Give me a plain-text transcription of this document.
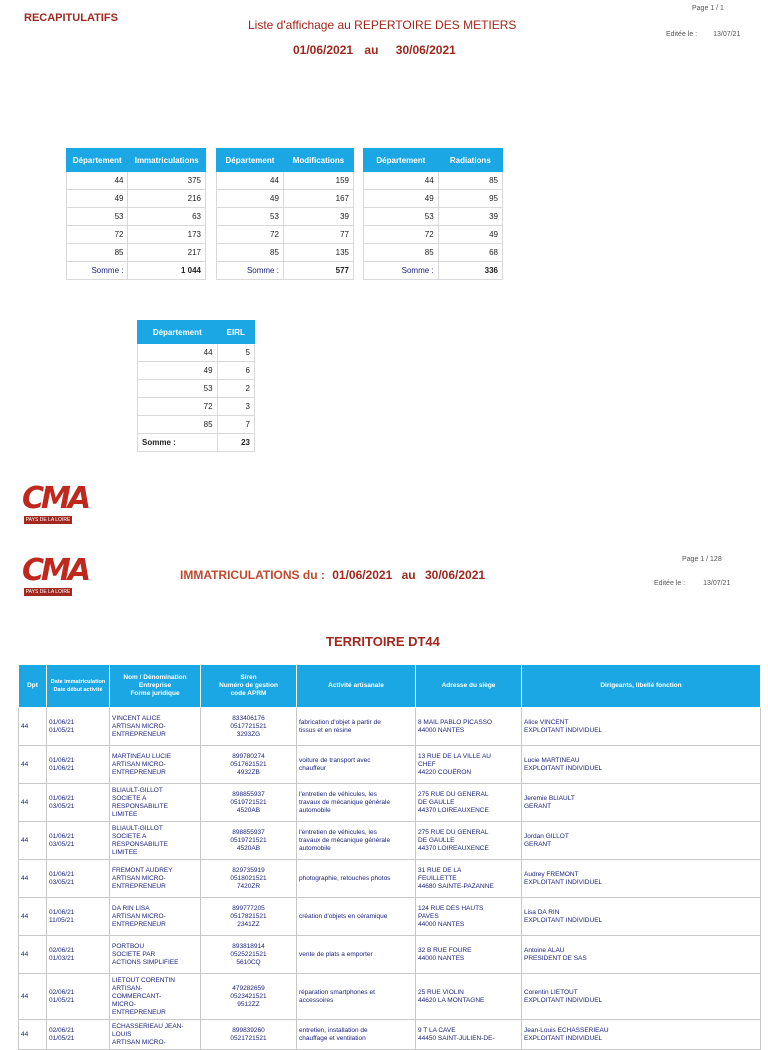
RECAPITULATIFS	Liste d'affichage au REPERTOIRE DES METIERS
01/06/2021 au 30/06/2021
Page 1 / 1
Editée le : 13/07/21
Département	Immatriculations
44	375
49	216
53	63
72	173
85	217
Somme :	1 044
Département	Modifications
44	159
49	167
53	39
72	77
85	135
Somme :	577
Département	Radiations
44	85
49	95
53	39
72	49
85	68
Somme :	336
Département	EIRL
44	5
49	6
53	2
72	3
85	7
Somme :	23
CMA
PAYS DE LA LOIRE
CMA
PAYS DE LA LOIRE
IMMATRICULATIONS du : 01/06/2021 au 30/06/2021
Page 1 / 128
Editée le :	13/07/21
TERRITOIRE DT44
Dpt	Date immatriculation
Date début activité	Nom / Dénomination
Entreprise
Forme juridique	Siren
Numéro de gestion
code APRM	Activité artisanale	Adresse du siège	Dirigeants, libellé fonction
44	01/06/21
01/05/21	VINCENT ALICE
ARTISAN MICRO-
ENTREPRENEUR	833406176
0517721521
3293ZG	fabrication d'objet à partir de
tissus et en résine	8 MAIL PABLO PICASSO
44000 NANTES	Alice VINCENT
EXPLOITANT INDIVIDUEL
44	01/06/21
01/06/21	MARTINEAU LUCIE
ARTISAN MICRO-
ENTREPRENEUR	899780274
0517621521
4932ZB	voiture de transport avec
chauffeur	13 RUE DE LA VILLE AU
CHEF
44220 COUËRON	Lucie MARTINEAU
EXPLOITANT INDIVIDUEL
44	01/06/21
03/05/21	BLIAULT-GILLOT
SOCIETE A
RESPONSABILITE
LIMITEE	898855937
0519721521
4520AB	l'entretien de véhicules, les
travaux de mécanique générale
automobile	275 RUE DU GENERAL
DE GAULLE
44370 LOIREAUXENCE	Jeremie BLIAULT
GERANT
44	01/06/21
03/05/21	BLIAULT-GILLOT
SOCIETE A
RESPONSABILITE
LIMITEE	898855937
0519721521
4520AB	l'entretien de véhicules, les
travaux de mécanique générale
automobile	275 RUE DU GENERAL
DE GAULLE
44370 LOIREAUXENCE	Jordan GILLOT
GERANT
44	01/06/21
03/05/21	FREMONT AUDREY
ARTISAN MICRO-
ENTREPRENEUR	829735919
0518021521
7420ZR	photographie, retouches photos	31 RUE DE LA
FEUILLETTE
44680 SAINTE-PAZANNE	Audrey FREMONT
EXPLOITANT INDIVIDUEL
44	01/06/21
11/05/21	DA RIN LISA
ARTISAN MICRO-
ENTREPRENEUR	899777205
0517821521
2341ZZ	création d'objets en céramique	124 RUE DES HAUTS
PAVES
44000 NANTES	Lisa DA RIN
EXPLOITANT INDIVIDUEL
44	02/06/21
01/03/21	PORTBOU
SOCIETE PAR
ACTIONS SIMPLIFIEE	893818914
0525221521
5610CQ	vente de plats a emporter	32 B RUE FOURE
44000 NANTES	Antoine ALAU
PRESIDENT DE SAS
44	02/06/21
01/05/21	LIETOUT CORENTIN
ARTISAN-
COMMERCANT-
MICRO-
ENTREPRENEUR	479282659
0523421521
9512ZZ	réparation smartphones et
accessoires	25 RUE VIOLIN
44620 LA MONTAGNE	Corentin LIETOUT
EXPLOITANT INDIVIDUEL
44	02/06/21
01/05/21	ECHASSERIEAU JEAN-
LOUIS
ARTISAN MICRO-	899839260
0521721521	entretien, installation de
chauffage et ventilation	9 T LA CAVE
44450 SAINT-JULIEN-DE-	Jean-Louis ECHASSERIEAU
EXPLOITANT INDIVIDUEL
